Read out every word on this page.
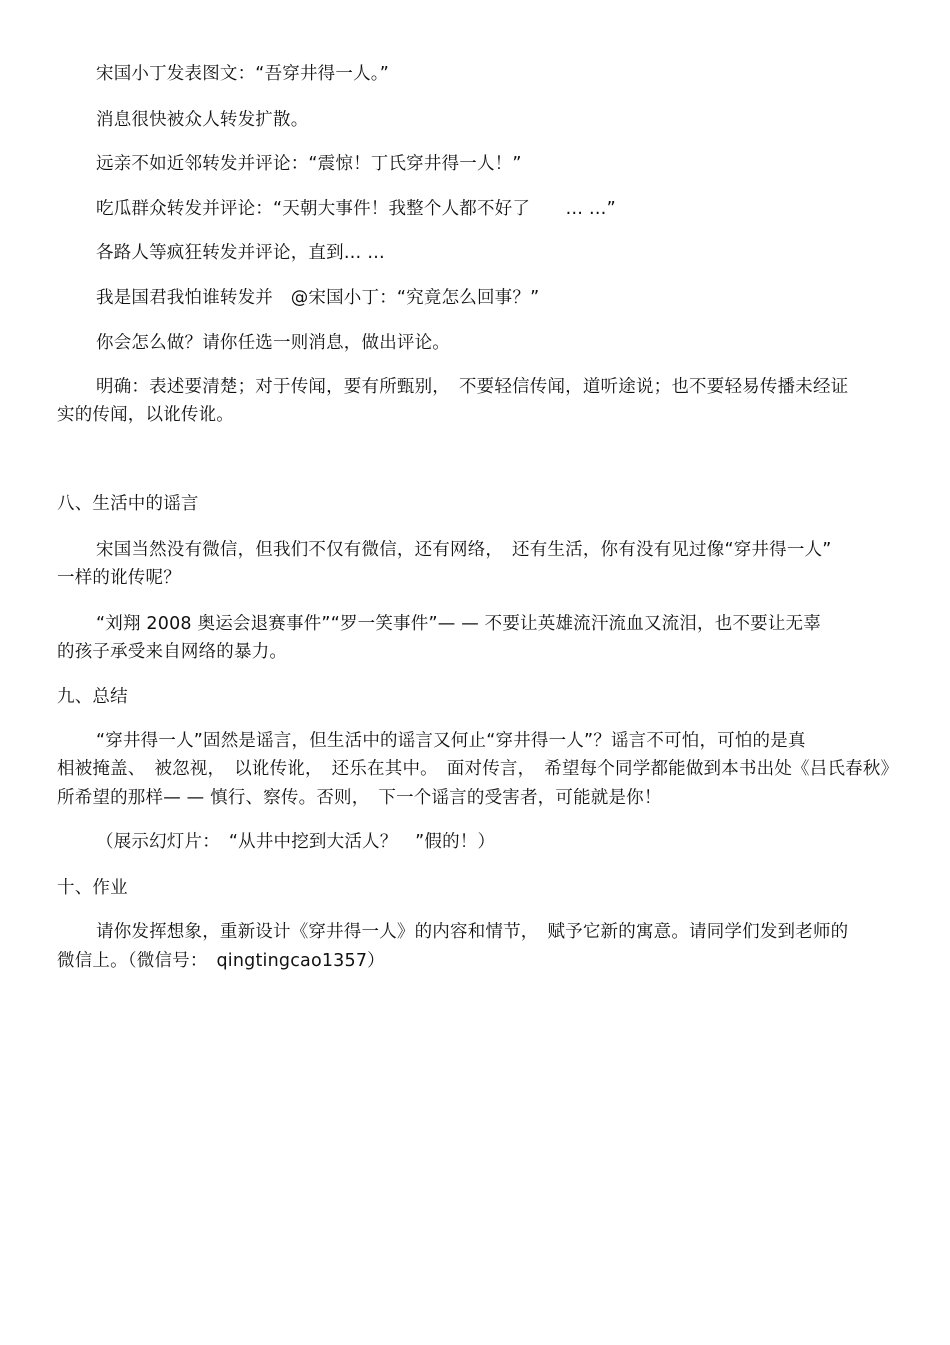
宋国小丁发表图文：“吾穿井得一人。”
消息很快被众人转发扩散。
远亲不如近邻转发并评论：“震惊！丁氏穿井得一人！”
吃瓜群众转发并评论：“天朝大事件！我整个人都不好了　　… …”
各路人等疯狂转发并评论，直到… …
我是国君我怕谁转发并　@宋国小丁：“究竟怎么回事？”
你会怎么做？请你任选一则消息，做出评论。
明确：表述要清楚；对于传闻，要有所甄别，　不要轻信传闻，道听途说；也不要轻易传播未经证
实的传闻，以讹传讹。
八、生活中的谣言
宋国当然没有微信，但我们不仅有微信，还有网络，　还有生活，你有没有见过像“穿井得一人”
一样的讹传呢？
“刘翔 2008 奥运会退赛事件”“罗一笑事件”— — 不要让英雄流汗流血又流泪，也不要让无辜
的孩子承受来自网络的暴力。
九、总结
“穿井得一人”固然是谣言，但生活中的谣言又何止“穿井得一人”？谣言不可怕，可怕的是真
相被掩盖、　被忽视，　以讹传讹，　还乐在其中。　面对传言，　希望每个同学都能做到本书出处《吕氏春秋》
所希望的那样— — 慎行、察传。否则，　下一个谣言的受害者，可能就是你！
（展示幻灯片：　“从井中挖到大活人？　”假的！）
十、作业
请你发挥想象，重新设计《穿井得一人》的内容和情节，　赋予它新的寓意。请同学们发到老师的
微信上。（微信号：　qingtingcao1357）
